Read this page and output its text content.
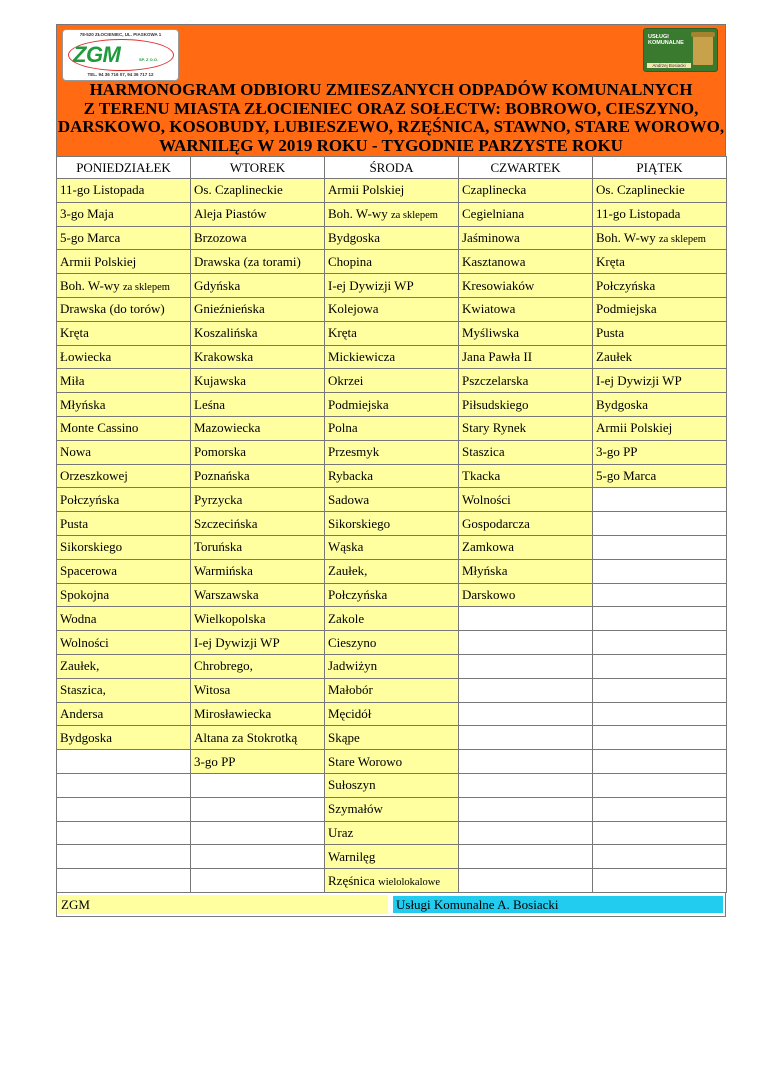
78-520 ZŁOCIENIEC, UL. PIASKOWA 1
ZGM	SP. Z O.O.
TEL. 94 36 716 07, 94 36 717 12
USŁUGI
KOMUNALNE
Andrzej Bosiacki
HARMONOGRAM ODBIORU ZMIESZANYCH ODPADÓW KOMUNALNYCH
Z TERENU MIASTA ZŁOCIENIEC ORAZ SOŁECTW: BOBROWO, CIESZYNO,
DARSKOWO, KOSOBUDY, LUBIESZEWO, RZĘŚNICA, STAWNO, STARE WOROWO,
WARNILĘG W 2019 ROKU - TYGODNIE PARZYSTE ROKU
PONIEDZIAŁEK	WTOREK	ŚRODA	CZWARTEK	PIĄTEK
11-go Listopada	Os. Czaplineckie	Armii Polskiej	Czaplinecka	Os. Czaplineckie
3-go Maja	Aleja Piastów	Boh. W-wy za sklepem	Cegielniana	11-go Listopada
5-go Marca	Brzozowa	Bydgoska	Jaśminowa	Boh. W-wy za sklepem
Armii Polskiej	Drawska (za torami)	Chopina	Kasztanowa	Kręta
Boh. W-wy za sklepem	Gdyńska	I-ej Dywizji WP	Kresowiaków	Połczyńska
Drawska (do torów)	Gnieźnieńska	Kolejowa	Kwiatowa	Podmiejska
Kręta	Koszalińska	Kręta	Myśliwska	Pusta
Łowiecka	Krakowska	Mickiewicza	Jana Pawła II	Zaułek
Miła	Kujawska	Okrzei	Pszczelarska	I-ej Dywizji WP
Młyńska	Leśna	Podmiejska	Piłsudskiego	Bydgoska
Monte Cassino	Mazowiecka	Polna	Stary Rynek	Armii Polskiej
Nowa	Pomorska	Przesmyk	Staszica	3-go PP
Orzeszkowej	Poznańska	Rybacka	Tkacka	5-go Marca
Połczyńska	Pyrzycka	Sadowa	Wolności	
Pusta	Szczecińska	Sikorskiego	Gospodarcza	
Sikorskiego	Toruńska	Wąska	Zamkowa	
Spacerowa	Warmińska	Zaułek,	Młyńska	
Spokojna	Warszawska	Połczyńska	Darskowo	
Wodna	Wielkopolska	Zakole		
Wolności	I-ej Dywizji WP	Cieszyno		
Zaułek,	Chrobrego,	Jadwiżyn		
Staszica,	Witosa	Małobór		
Andersa	Mirosławiecka	Męcidół		
Bydgoska	Altana za Stokrotką	Skąpe		
	3-go PP	Stare Worowo		
		Sułoszyn		
		Szymałów		
		Uraz		
		Warnilęg		
		Rzęśnica wielolokalowe		
ZGM	Usługi Komunalne A. Bosiacki
